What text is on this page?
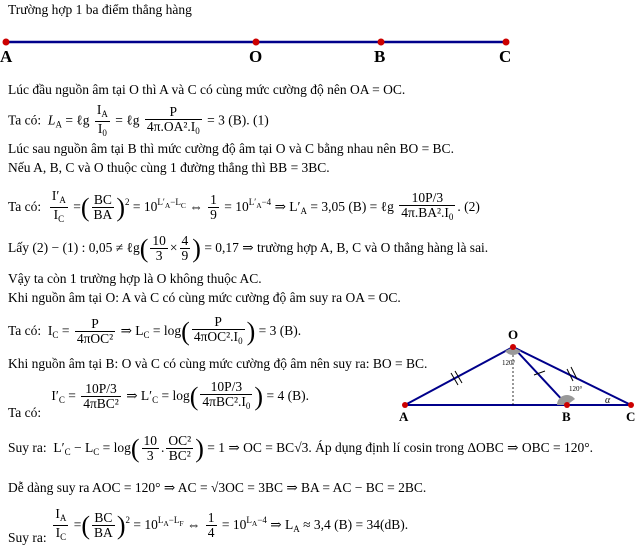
Trường hợp 1 ba điểm thẳng hàng
A	O	B	C
Lúc đầu nguồn âm tại O thì A và C có cùng mức cường độ nên OA = OC.
Ta có: $L_A$ = ℓg $\frac{I_A}{I_0}$ = ℓg $\frac{P}{4\pi.OA^2.I_0} = 3$ (B). (1)
Lúc sau nguồn âm tại B thì mức cường độ âm tại O và C bằng nhau nên BO = BC.
Nếu A, B, C và O thuộc cùng 1 đường thẳng thì BB = 3BC.
Ta có: $\frac{I'_A}{I_C}$ =( $\frac{BC}{BA} )^2 = 10^{L'_A-L_C}$ ⇔ $\frac{1}{9} = 10^{L'_A-4}$ ⇒ $L'_A = 3,05$ (B) = ℓg $\frac{10P/3}{4\pi.BA^2.I_0}$ . (2)
Lấy (2) − (1) : 0,05 ≠ ℓg( $\frac{10}{3} \times \frac{4}{9}$ ) = 0,17 ⇒ trường hợp A, B, C và O thẳng hàng là sai.
Vậy ta còn 1 trường hợp là O không thuộc AC.
Khi nguồn âm tại O: A và C có cùng mức cường độ âm suy ra OA = OC.
Ta có:  $I_C = \frac{P}{\text{4πOC²}}$ ⇒ $L_C = \log( \frac{P}{4\pi OC^2.I_0}$ ) = 3 (B).
Khi nguồn âm tại B: O và C có cùng mức cường độ âm nên suy ra: BO = BC.
$I'_C = \frac{10P/3}{\text{4πBC²}}$ ⇒ $L'_C = \log( \frac{10P/3}{4\pi BC^2.I_0}$ ) = 4 (B).
Ta có:
Suy ra:  $L'_C - L_C = \log( \frac{10}{3}$ . $\frac{\text{OC²}}{\text{BC²}}$ ) = 1 ⇒ OC = BC√3. Áp dụng định lí cosin trong ΔOBC ⇒ OBC = 120°.
Dễ dàng suy ra AOC = 120° ⇒ AC = √3OC = 3BC ⇒ BA = AC − BC = 2BC.

$\frac{I_A}{I_C}$ =( $\frac{BC}{BA} )^2 = 10^{L_A-L_F}$ ⇔ $\frac{1}{4} = 10^{L_A-4}$ ⇒ $L_A \approx 3,4$ (B) = 34(dB).
Suy ra:
O
A	B	C
120°
120°
α
